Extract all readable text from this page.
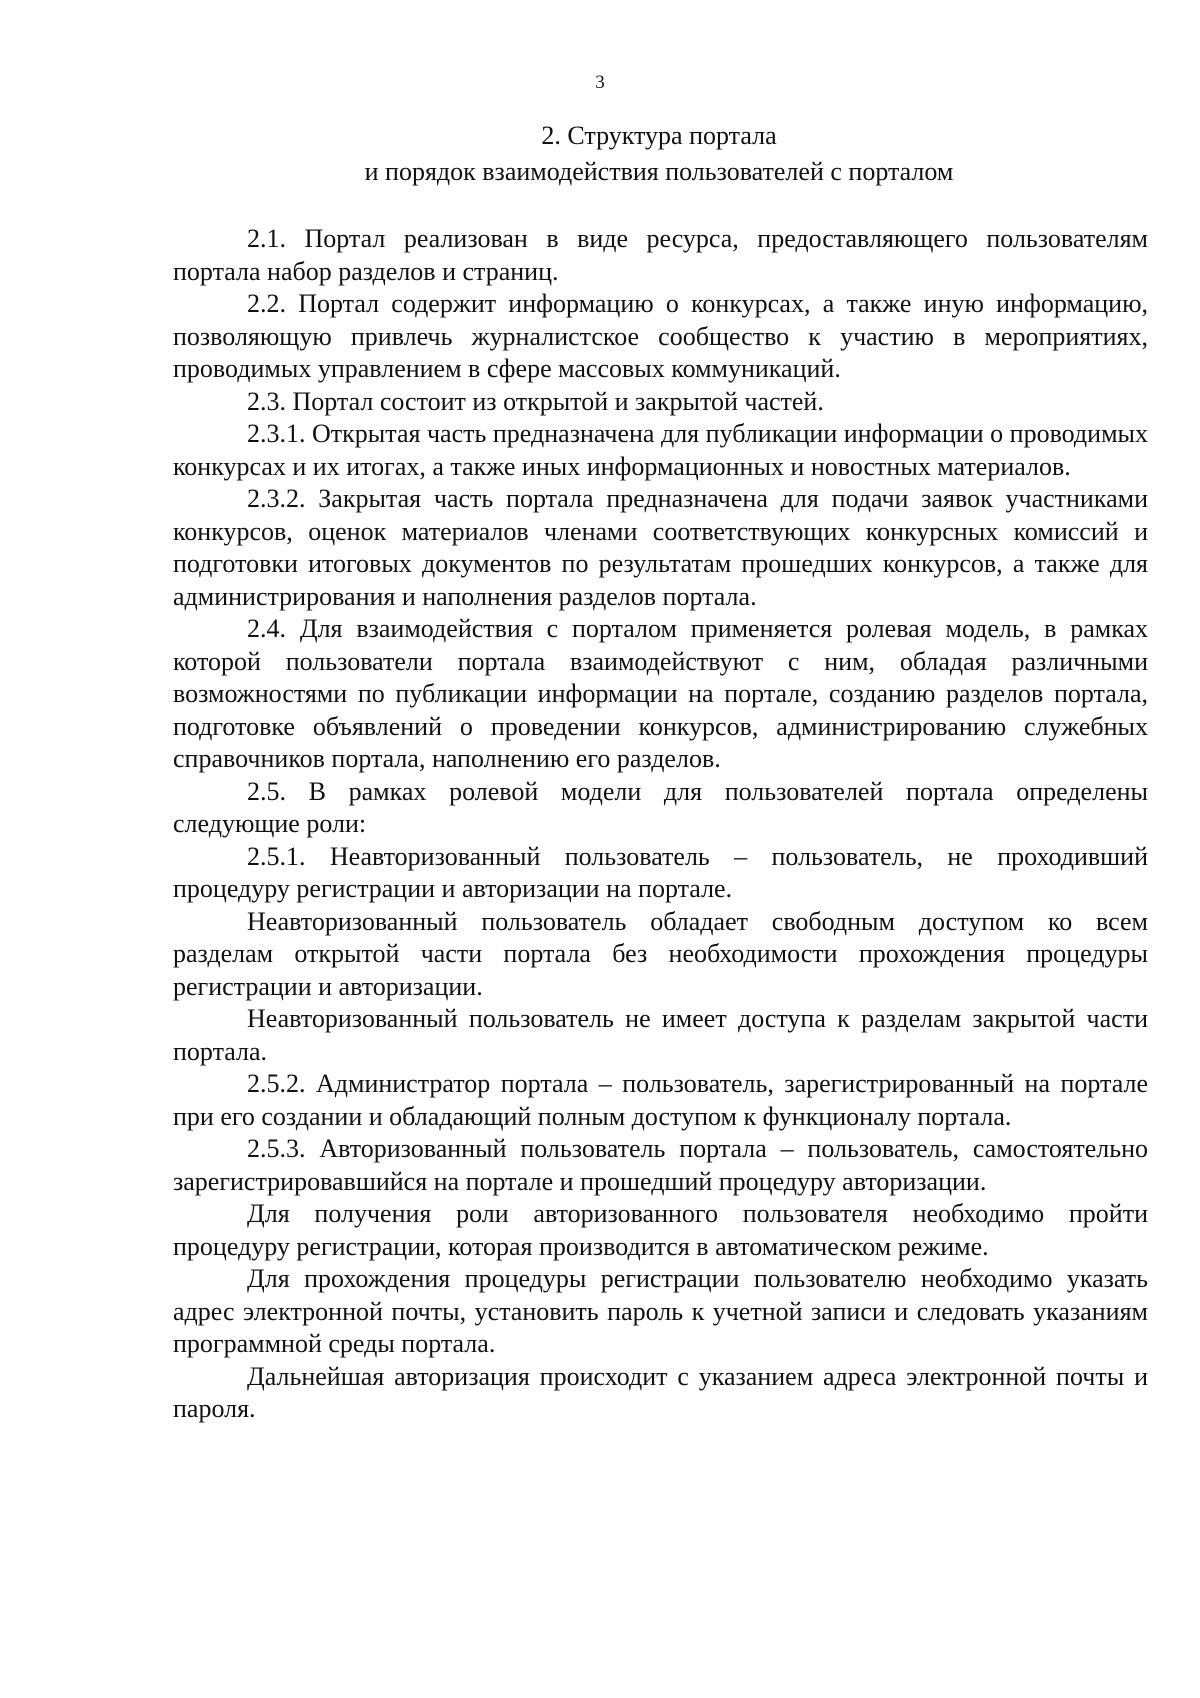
3
2. Структура портала
и порядок взаимодействия пользователей с порталом

2.1. Портал реализован в виде ресурса, предоставляющего пользователям портала набор разделов и страниц.

2.2. Портал содержит информацию о конкурсах, а также иную информацию, позволяющую привлечь журналистское сообщество к участию в мероприятиях, проводимых управлением в сфере массовых коммуникаций.

2.3. Портал состоит из открытой и закрытой частей.

2.3.1. Открытая часть предназначена для публикации информации о проводимых конкурсах и их итогах, а также иных информационных и новостных материалов.

2.3.2. Закрытая часть портала предназначена для подачи заявок участниками конкурсов, оценок материалов членами соответствующих конкурсных комиссий и подготовки итоговых документов по результатам прошедших конкурсов, а также для администрирования и наполнения разделов портала.

2.4. Для взаимодействия с порталом применяется ролевая модель, в рамках которой пользователи портала взаимодействуют с ним, обладая различными возможностями по публикации информации на портале, созданию разделов портала, подготовке объявлений о проведении конкурсов, администрированию служебных справочников портала, наполнению его разделов.

2.5. В рамках ролевой модели для пользователей портала определены следующие роли:

2.5.1. Неавторизованный пользователь – пользователь, не проходивший процедуру регистрации и авторизации на портале.

Неавторизованный пользователь обладает свободным доступом ко всем разделам открытой части портала без необходимости прохождения процедуры регистрации и авторизации.

Неавторизованный пользователь не имеет доступа к разделам закрытой части портала.

2.5.2. Администратор портала – пользователь, зарегистрированный на портале при его создании и обладающий полным доступом к функционалу портала.

2.5.3. Авторизованный пользователь портала – пользователь, самостоятельно зарегистрировавшийся на портале и прошедший процедуру авторизации.

Для получения роли авторизованного пользователя необходимо пройти процедуру регистрации, которая производится в автоматическом режиме.

Для прохождения процедуры регистрации пользователю необходимо указать адрес электронной почты, установить пароль к учетной записи и следовать указаниям программной среды портала.

Дальнейшая авторизация происходит с указанием адреса электронной почты и пароля.
